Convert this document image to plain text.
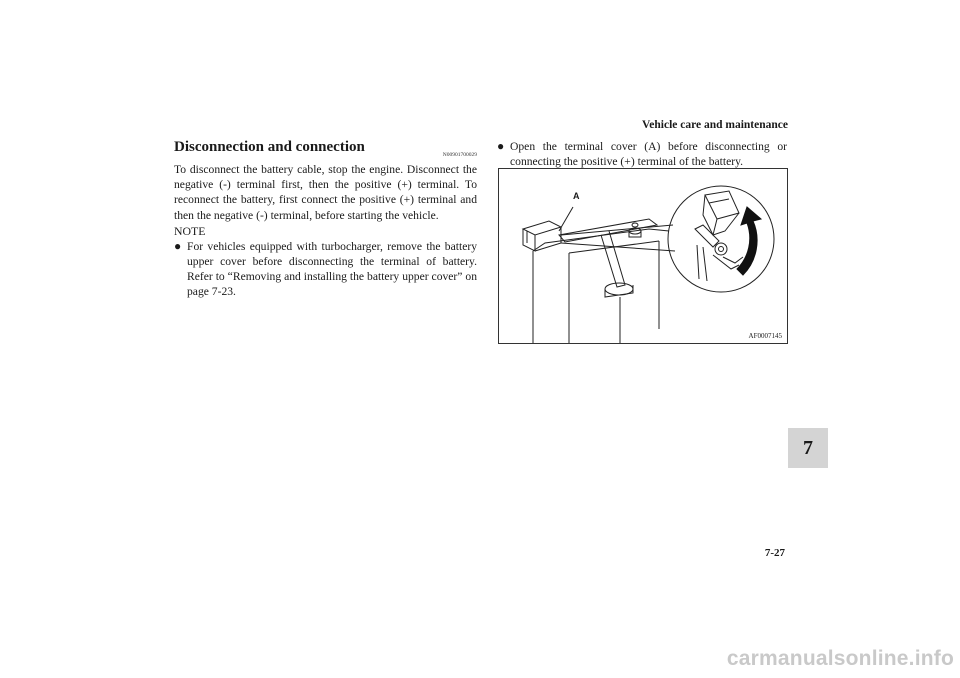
Vehicle care and maintenance
Disconnection and connection	N00901700029
To disconnect the battery cable, stop the engine. Disconnect the negative (-) terminal first, then the positive (+) terminal. To reconnect the battery, first connect the positive (+) terminal and then the negative (-) terminal, before starting the vehicle.
NOTE
● For vehicles equipped with turbocharger, remove the battery upper cover before disconnecting the terminal of battery. Refer to “Removing and installing the battery upper cover” on page 7-23.
● Open the terminal cover (A) before disconnecting or connecting the positive (+) terminal of the battery.
A
AF0007145
7
7-27
carmanualsonline.info
